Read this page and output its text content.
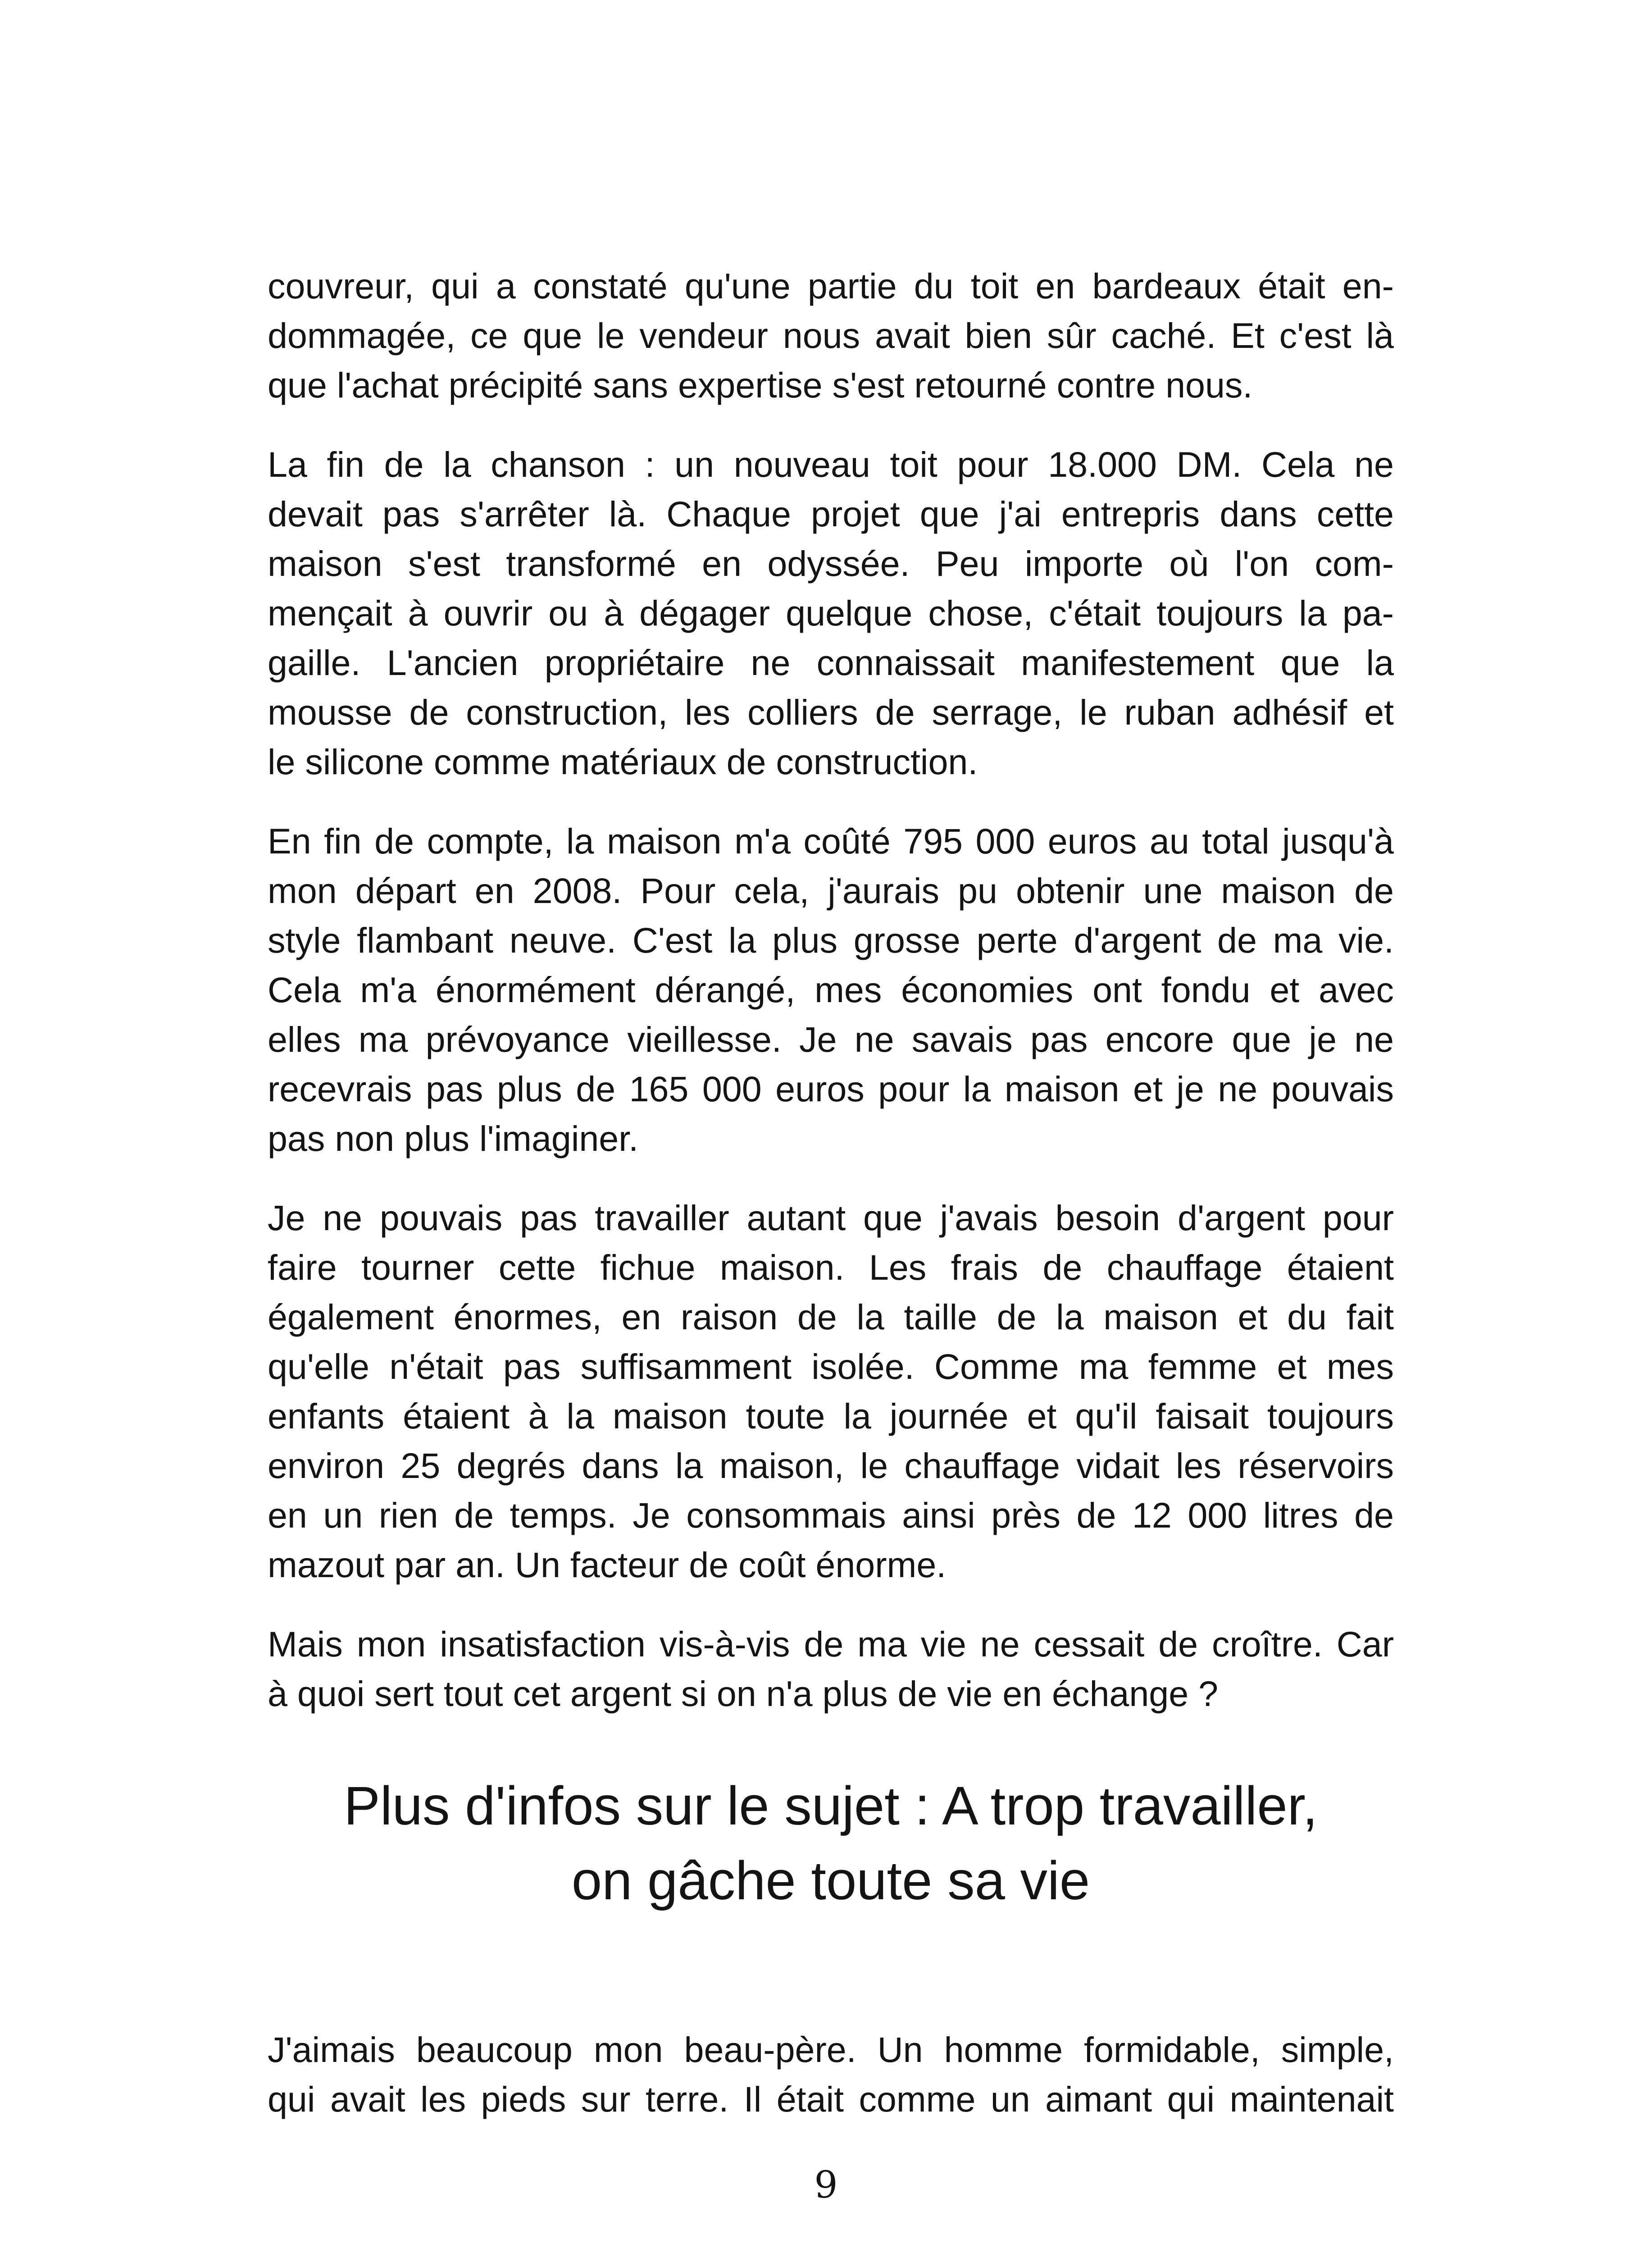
couvreur, qui a constaté qu'une partie du toit en bardeaux était en-
dommagée, ce que le vendeur nous avait bien sûr caché. Et c'est là
que l'achat précipité sans expertise s'est retourné contre nous.

La fin de la chanson : un nouveau toit pour 18.000 DM. Cela ne
devait pas s'arrêter là. Chaque projet que j'ai entrepris dans cette
maison s'est transformé en odyssée. Peu importe où l'on com-
mençait à ouvrir ou à dégager quelque chose, c'était toujours la pa-
gaille. L'ancien propriétaire ne connaissait manifestement que la
mousse de construction, les colliers de serrage, le ruban adhésif et
le silicone comme matériaux de construction.

En fin de compte, la maison m'a coûté 795 000 euros au total jusqu'à
mon départ en 2008. Pour cela, j'aurais pu obtenir une maison de
style flambant neuve. C'est la plus grosse perte d'argent de ma vie.
Cela m'a énormément dérangé, mes économies ont fondu et avec
elles ma prévoyance vieillesse. Je ne savais pas encore que je ne
recevrais pas plus de 165 000 euros pour la maison et je ne pouvais
pas non plus l'imaginer.

Je ne pouvais pas travailler autant que j'avais besoin d'argent pour
faire tourner cette fichue maison. Les frais de chauffage étaient
également énormes, en raison de la taille de la maison et du fait
qu'elle n'était pas suffisamment isolée. Comme ma femme et mes
enfants étaient à la maison toute la journée et qu'il faisait toujours
environ 25 degrés dans la maison, le chauffage vidait les réservoirs
en un rien de temps. Je consommais ainsi près de 12 000 litres de
mazout par an. Un facteur de coût énorme.

Mais mon insatisfaction vis-à-vis de ma vie ne cessait de croître. Car
à quoi sert tout cet argent si on n'a plus de vie en échange ?

Plus d'infos sur le sujet : A trop travailler,
on gâche toute sa vie

J'aimais beaucoup mon beau-père. Un homme formidable, simple,
qui avait les pieds sur terre. Il était comme un aimant qui maintenait

9
